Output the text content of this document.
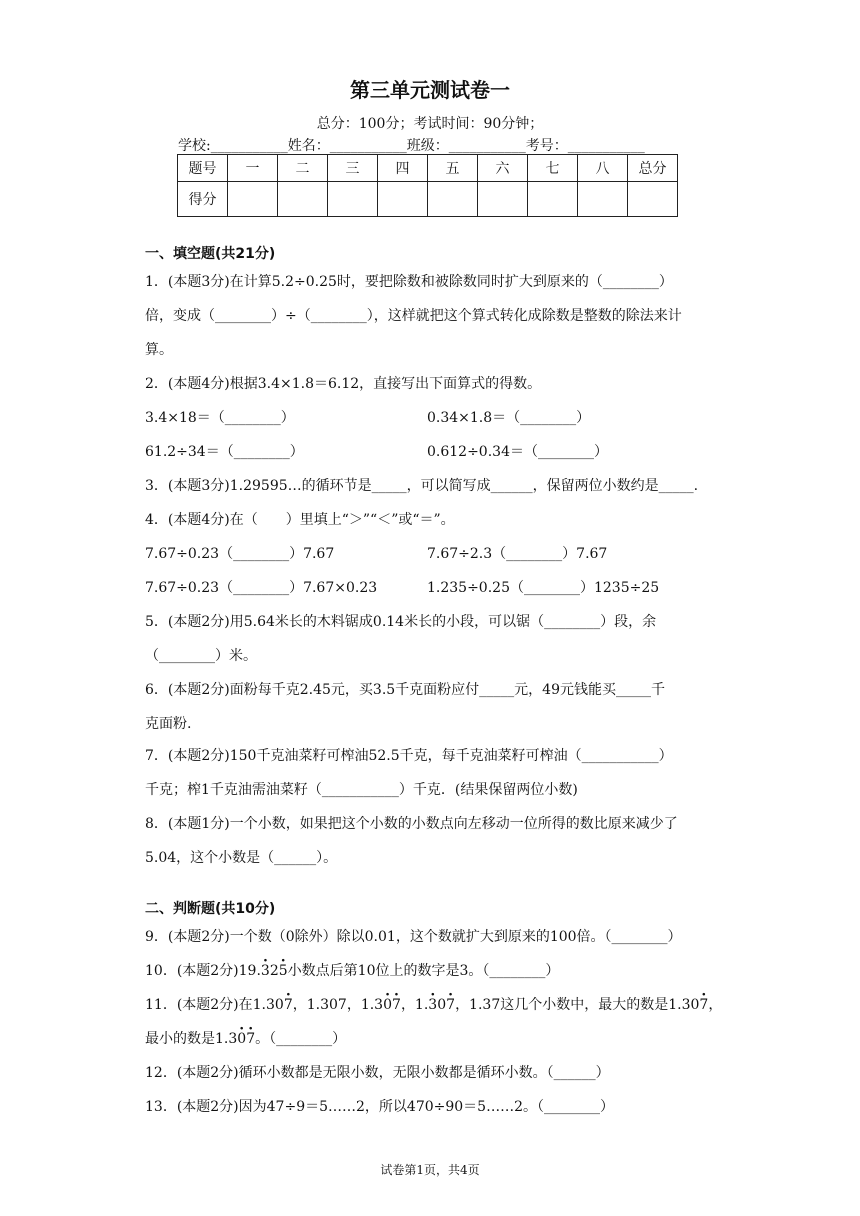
第三单元测试卷一
总分：100分；考试时间：90分钟；
学校:___________姓名：___________班级：___________考号：___________
题号	一	二	三	四	五	六	七	八	总分
得分									
一、填空题(共21分)
1．(本题3分)在计算5.2÷0.25时，要把除数和被除数同时扩大到原来的（________）
倍，变成（________）÷（________），这样就把这个算式转化成除数是整数的除法来计
算。
2．(本题4分)根据3.4×1.8＝6.12，直接写出下面算式的得数。
3.4×18＝（________）	0.34×1.8＝（________）
61.2÷34＝（________）	0.612÷0.34＝（________）
3．(本题3分)1.29595…的循环节是_____，可以简写成______，保留两位小数约是_____.
4．(本题4分)在（　　）里填上“＞”“＜”或“＝”。
7.67÷0.23（________）7.67	7.67÷2.3（________）7.67
7.67÷0.23（________）7.67×0.23	1.235÷0.25（________）1235÷25
5．(本题2分)用5.64米长的木料锯成0.14米长的小段，可以锯（________）段，余
（________）米。
6．(本题2分)面粉每千克2.45元，买3.5千克面粉应付_____元，49元钱能买_____千
克面粉.
7．(本题2分)150千克油菜籽可榨油52.5千克，每千克油菜籽可榨油（___________）
千克；榨1千克油需油菜籽（___________）千克．(结果保留两位小数)
8．(本题1分)一个小数，如果把这个小数的小数点向左移动一位所得的数比原来减少了
5.04，这个小数是（______）。
二、判断题(共10分)
9．(本题2分)一个数（0除外）除以0.01，这个数就扩大到原来的100倍。（________）
10．(本题2分)19.3 ·25 ·小数点后第10位上的数字是3。（________）
11．(本题2分)在1.307 ·，1.307，1.30 ·7 ·，1.3 ·07 ·，1.37这几个小数中，最大的数是1.307 ·，
最小的数是1.30 ·7 ·。（________）
12．(本题2分)循环小数都是无限小数，无限小数都是循环小数。（______）
13．(本题2分)因为47÷9＝5……2，所以470÷90＝5……2。（________）
试卷第1页，共4页
